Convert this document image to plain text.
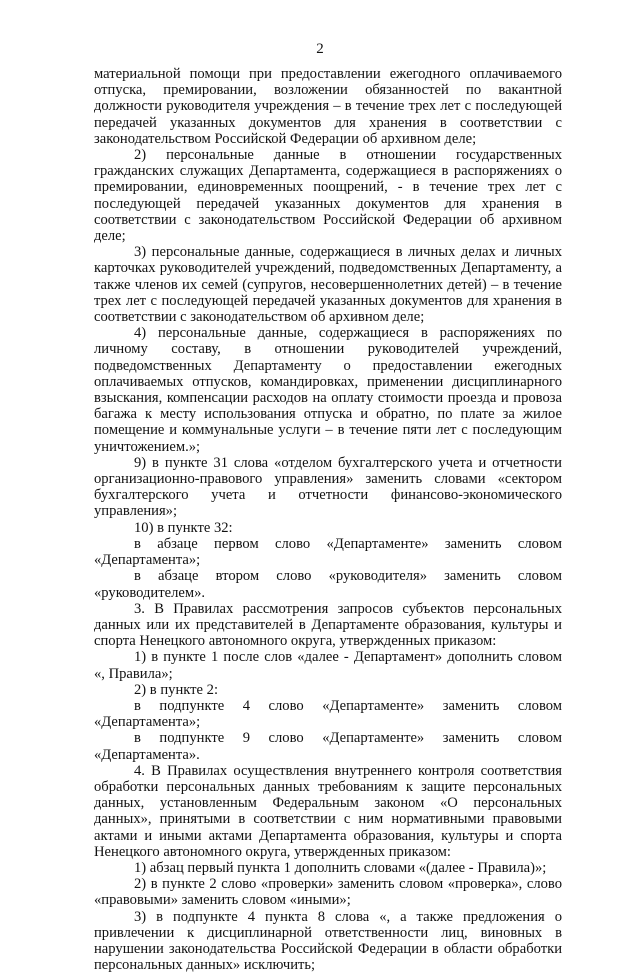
2

материальной помощи при предоставлении ежегодного оплачиваемого отпуска, премировании, возложении обязанностей по вакантной должности руководителя учреждения – в течение трех лет с последующей передачей указанных документов для хранения в соответствии с законодательством Российской Федерации об архивном деле;

2) персональные данные в отношении государственных гражданских служащих Департамента, содержащиеся в распоряжениях о премировании, единовременных поощрений, - в течение трех лет с последующей передачей указанных документов для хранения в соответствии с законодательством Российской Федерации об архивном деле;

3) персональные данные, содержащиеся в личных делах и личных карточках руководителей учреждений, подведомственных Департаменту, а также членов их семей (супругов, несовершеннолетних детей) – в течение трех лет с последующей передачей указанных документов для хранения в соответствии с законодательством об архивном деле;

4) персональные данные, содержащиеся в распоряжениях по личному составу, в отношении руководителей учреждений, подведомственных Департаменту о предоставлении ежегодных оплачиваемых отпусков, командировках, применении дисциплинарного взыскания, компенсации расходов на оплату стоимости проезда и провоза багажа к месту использования отпуска и обратно, по плате за жилое помещение и коммунальные услуги – в течение пяти лет с последующим уничтожением.»;

9) в пункте 31 слова «отделом бухгалтерского учета и отчетности организационно-правового управления» заменить словами «сектором бухгалтерского учета и отчетности финансово-экономического управления»;

10) в пункте 32:

в абзаце первом слово «Департаменте» заменить словом «Департамента»;

в абзаце втором слово «руководителя» заменить словом «руководителем».

3. В Правилах рассмотрения запросов субъектов персональных данных или их представителей в Департаменте образования, культуры и спорта Ненецкого автономного округа, утвержденных приказом:

1) в пункте 1 после слов «далее - Департамент» дополнить словом «, Правила»;

2) в пункте 2:

в подпункте 4 слово «Департаменте» заменить словом «Департамента»;

в подпункте 9 слово «Департаменте» заменить словом «Департамента».

4. В Правилах осуществления внутреннего контроля соответствия обработки персональных данных требованиям к защите персональных данных, установленным Федеральным законом «О персональных данных», принятыми в соответствии с ним нормативными правовыми актами и иными актами Департамента образования, культуры и спорта Ненецкого автономного округа, утвержденных приказом:

1) абзац первый пункта 1 дополнить словами «(далее - Правила)»;

2) в пункте 2 слово «проверки» заменить словом «проверка», слово «правовыми» заменить словом «иными»;

3) в подпункте 4 пункта 8 слова «, а также предложения о привлечении к дисциплинарной ответственности лиц, виновных в нарушении законодательства Российской Федерации в области обработки персональных данных» исключить;
